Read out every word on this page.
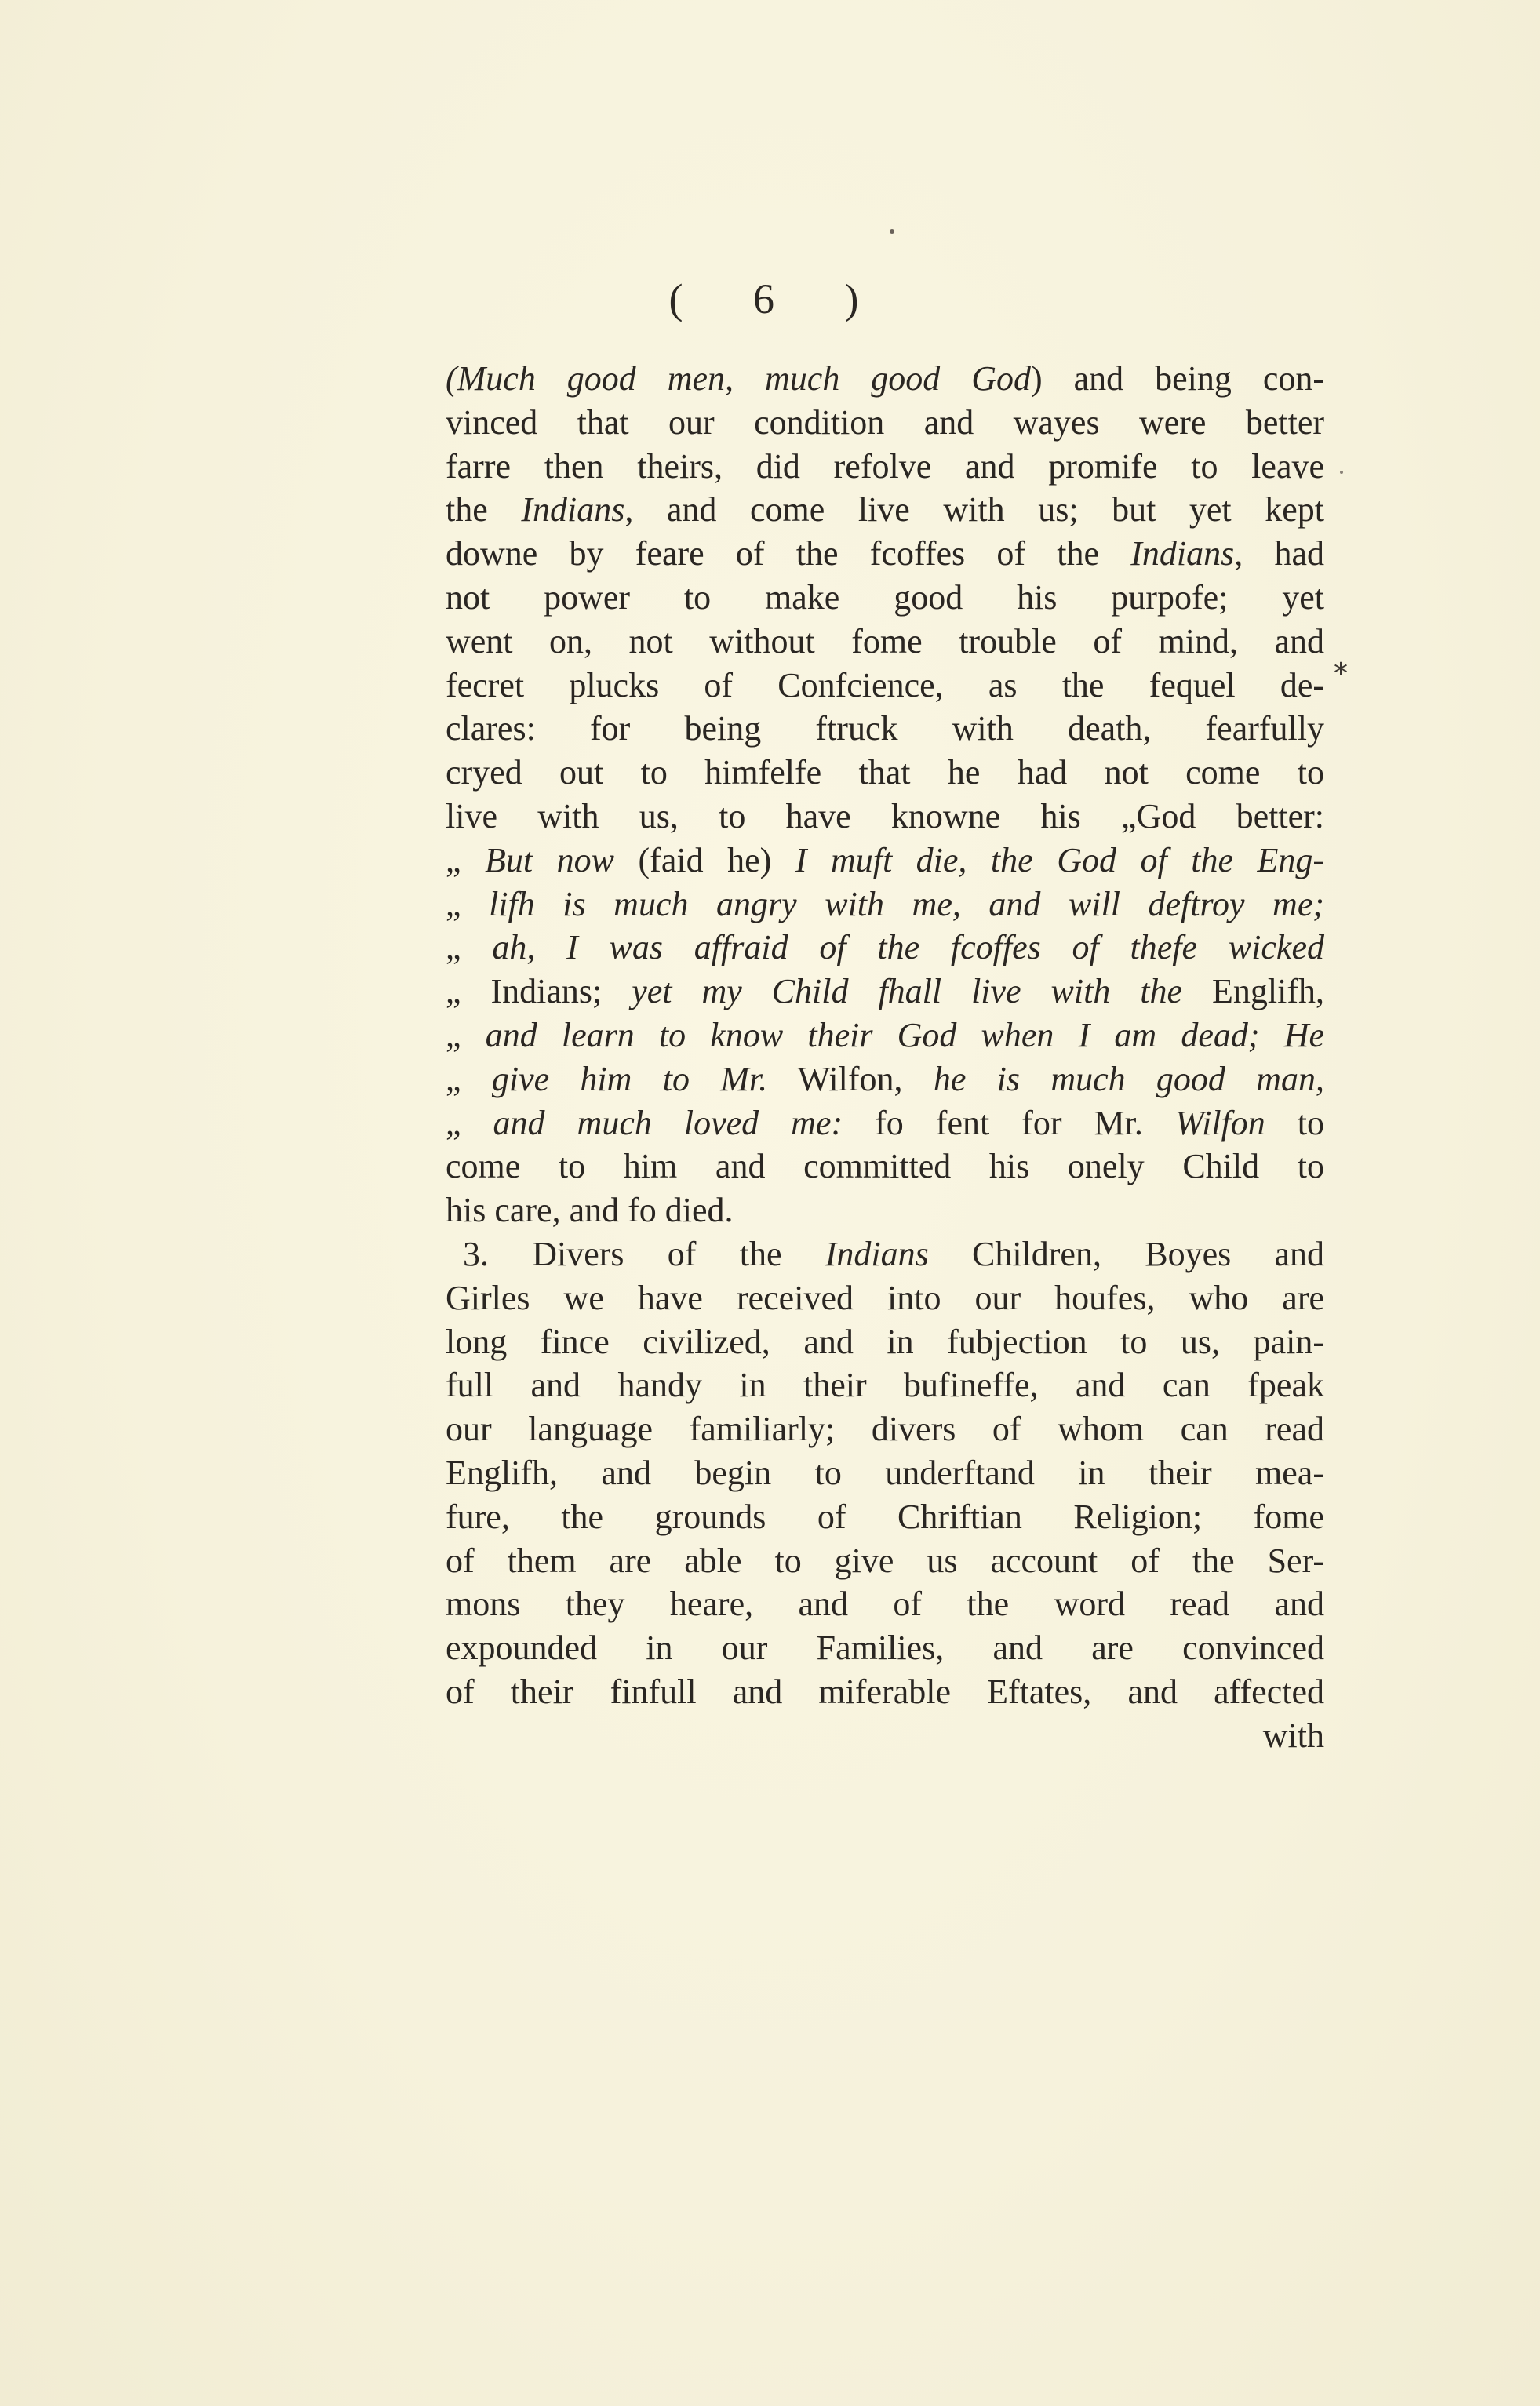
( 6 )
*
(Much good men, much good God) and being con-
vinced that our condition and wayes were better
farre then theirs, did refolve and promife to leave
the Indians, and come live with us; but yet kept
downe by feare of the fcoffes of the Indians, had
not power to make good his purpofe; yet
went on, not without fome trouble of mind, and
fecret plucks of Confcience, as the fequel de-
clares: for being ftruck with death, fearfully
cryed out to himfelfe that he had not come to
live with us, to have knowne his „God better:
„ But now (faid he) I muft die, the God of the Eng-
„ lifh is much angry with me, and will deftroy me;
„ ah, I was affraid of the fcoffes of thefe wicked
„ Indians; yet my Child fhall live with the Englifh,
„ and learn to know their God when I am dead; He
„ give him to Mr. Wilfon, he is much good man,
„ and much loved me: fo fent for Mr. Wilfon to
come to him and committed his onely Child to
his care, and fo died.
3. Divers of the Indians Children, Boyes and
Girles we have received into our houfes, who are
long fince civilized, and in fubjection to us, pain-
full and handy in their bufineffe, and can fpeak
our language familiarly; divers of whom can read
Englifh, and begin to underftand in their mea-
fure, the grounds of Chriftian Religion; fome
of them are able to give us account of the Ser-
mons they heare, and of the word read and
expounded in our Families, and are convinced
of their finfull and miferable Eftates, and affected
with
